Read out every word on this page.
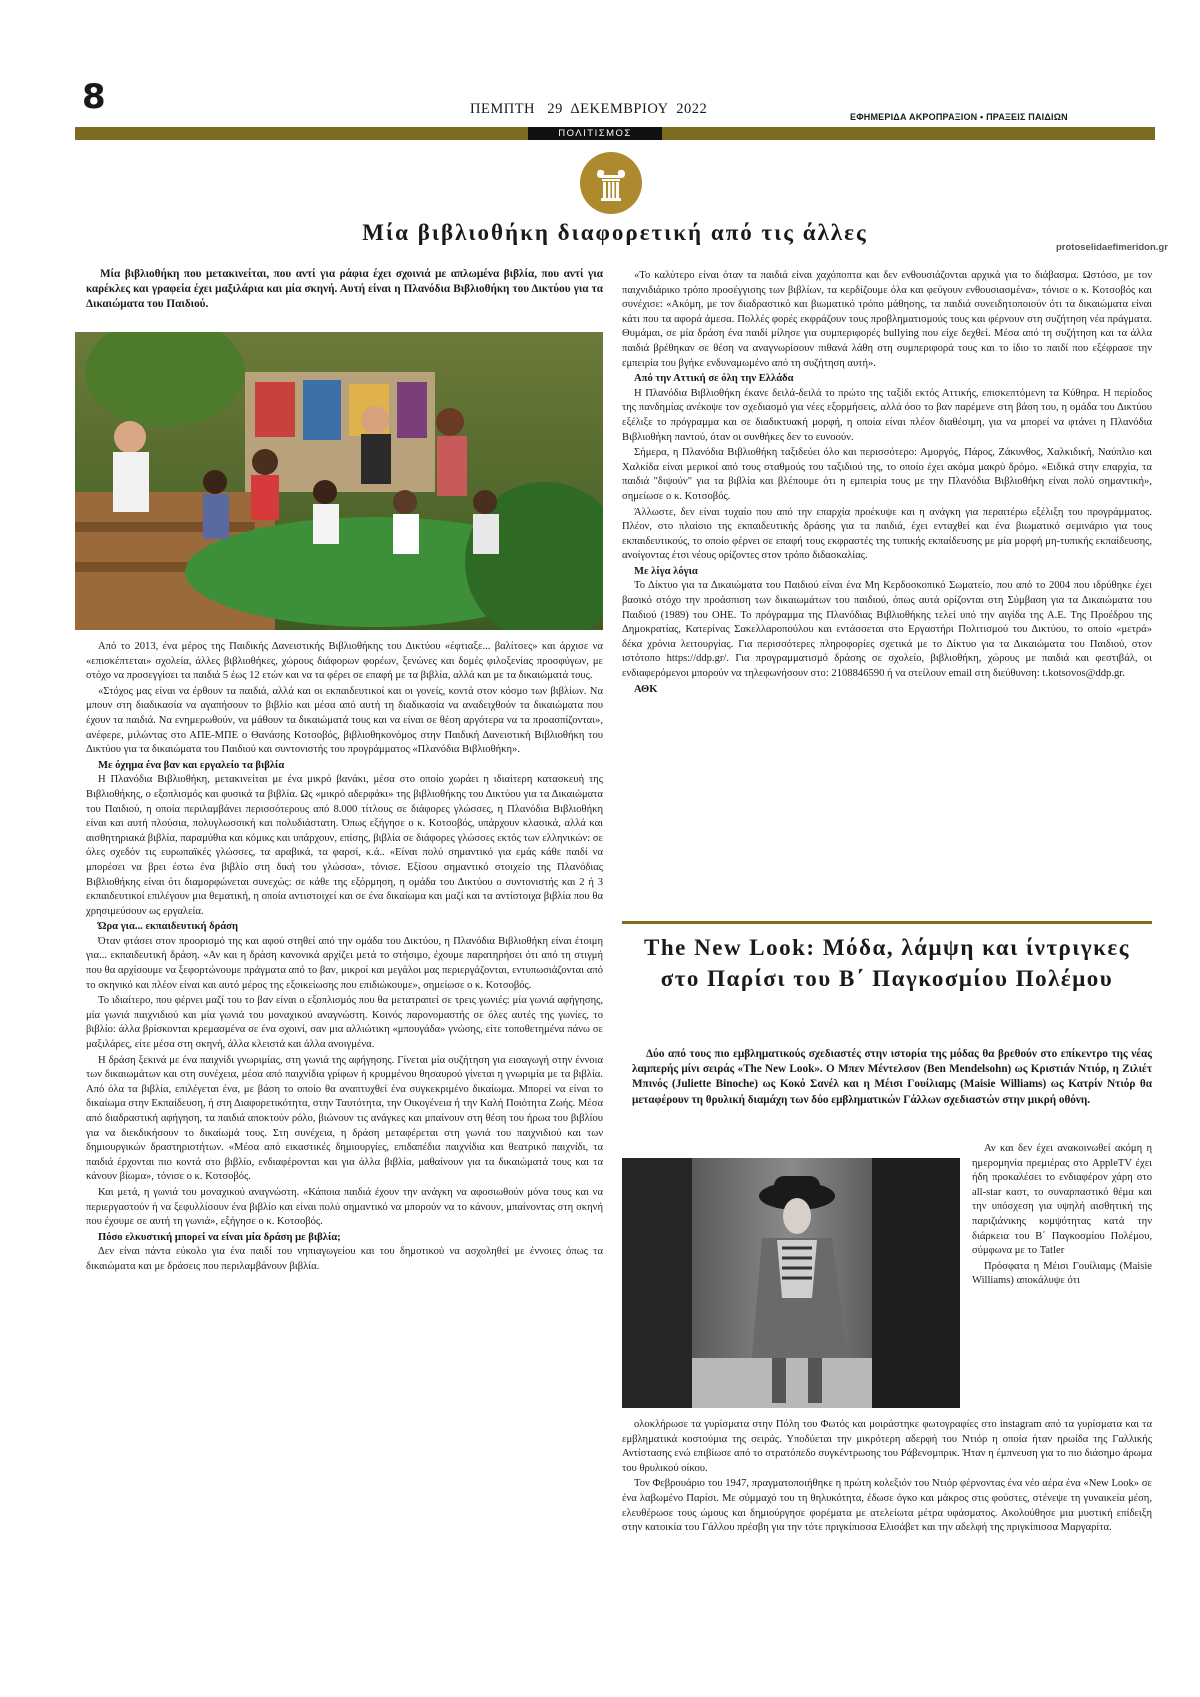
8	ΠΕΜΠΤΗ   29  ΔΕΚΕΜΒΡΙΟΥ  2022	ΕΦΗΜΕΡΙΔΑ ΑΚΡΟΠΡΑΞΙΟΝ • ΠΡΑΞΕΙΣ ΠΑΙΔΙΩΝ
ΠΟΛΙΤΙΣΜΟΣ
Μία βιβλιοθήκη διαφορετική από τις άλλες
protoselidaefimeridon.gr

Μία βιβλιοθήκη που μετακινείται, που αντί για ράφια έχει σχοινιά με απλωμένα βιβλία, που αντί για καρέκλες και γραφεία έχει μαξιλάρια και μία σκηνή. Αυτή είναι η Πλανόδια Βιβλιοθήκη του Δικτύου για τα Δικαιώματα του Παιδιού.

Από το 2013, ένα μέρος της Παιδικής Δανειστικής Βιβλιοθήκης του Δικτύου «έφτιαξε... βαλίτσες» και άρχισε να «επισκέπτεται» σχολεία, άλλες βιβλιοθήκες, χώρους διάφορων φορέων, ξενώνες και δομές φιλοξενίας προσφύγων, με στόχο να προσεγγίσει τα παιδιά 5 έως 12 ετών και να τα φέρει σε επαφή με τα βιβλία, αλλά και με τα δικαιώματά τους.

«Στόχος μας είναι να έρθουν τα παιδιά, αλλά και οι εκπαιδευτικοί και οι γονείς, κοντά στον κόσμο των βιβλίων. Να μπουν στη διαδικασία να αγαπήσουν το βιβλίο και μέσα από αυτή τη διαδικασία να αναδειχθούν τα δικαιώματα που έχουν τα παιδιά. Να ενημερωθούν, να μάθουν τα δικαιώματά τους και να είναι σε θέση αργότερα να τα προασπίζονται», ανέφερε, μιλώντας στο ΑΠΕ-ΜΠΕ ο Θανάσης Κοτσοβός, βιβλιοθηκονόμος στην Παιδική Δανειστική Βιβλιοθήκη του Δικτύου για τα δικαιώματα του Παιδιού και συντονιστής του προγράμματος «Πλανόδια Βιβλιοθήκη».

Με όχημα ένα βαν και εργαλείο τα βιβλία

Η Πλανόδια Βιβλιοθήκη, μετακινείται με ένα μικρό βανάκι, μέσα στο οποίο χωράει η ιδιαίτερη κατασκευή της Βιβλιοθήκης, ο εξοπλισμός και φυσικά τα βιβλία. Ως «μικρό αδερφάκι» της βιβλιοθήκης του Δικτύου για τα Δικαιώματα του Παιδιού, η οποία περιλαμβάνει περισσότερους από 8.000 τίτλους σε διάφορες γλώσσες, η Πλανόδια Βιβλιοθήκη είναι και αυτή πλούσια, πολυγλωσσική και πολυδιάστατη. Όπως εξήγησε ο κ. Κοτσοβός, υπάρχουν κλασικά, αλλά και αισθητηριακά βιβλία, παραμύθια και κόμικς και υπάρχουν, επίσης, βιβλία σε διάφορες γλώσσες εκτός των ελληνικών: σε όλες σχεδόν τις ευρωπαϊκές γλώσσες, τα αραβικά, τα φαρσί, κ.ά.. «Είναι πολύ σημαντικό για εμάς κάθε παιδί να μπορέσει να βρει έστω ένα βιβλίο στη δική του γλώσσα», τόνισε. Εξίσου σημαντικό στοιχείο της Πλανόδιας Βιβλιοθήκης είναι ότι διαμορφώνεται συνεχώς: σε κάθε της εξόρμηση, η ομάδα του Δικτύου ο συντονιστής και 2 ή 3 εκπαιδευτικοί επιλέγουν μια θεματική, η οποία αντιστοιχεί και σε ένα δικαίωμα και μαζί και τα αντίστοιχα βιβλία που θα χρησιμεύσουν ως εργαλεία.

Ώρα για... εκπαιδευτική δράση

Όταν φτάσει στον προορισμό της και αφού στηθεί από την ομάδα του Δικτύου, η Πλανόδια Βιβλιοθήκη είναι έτοιμη για... εκπαιδευτική δράση. «Αν και η δράση κανονικά αρχίζει μετά το στήσιμο, έχουμε παρατηρήσει ότι από τη στιγμή που θα αρχίσουμε να ξεφορτώνουμε πράγματα από το βαν, μικροί και μεγάλοι μας περιεργάζονται, εντυπωσιάζονται από το σκηνικό και πλέον είναι και αυτό μέρος της εξοικείωσης που επιδιώκουμε», σημείωσε ο κ. Κοτσοβός.

Το ιδιαίτερο, που φέρνει μαζί του το βαν είναι ο εξοπλισμός που θα μετατραπεί σε τρεις γωνιές: μία γωνιά αφήγησης, μία γωνιά παιχνιδιού και μία γωνιά του μοναχικού αναγνώστη. Κοινός παρονομαστής σε όλες αυτές της γωνίες, το βιβλίο: άλλα βρίσκονται κρεμασμένα σε ένα σχοινί, σαν μια αλλιώτικη «μπουγάδα» γνώσης, είτε τοποθετημένα πάνω σε μαξιλάρες, είτε μέσα στη σκηνή, άλλα κλειστά και άλλα ανοιγμένα.

Η δράση ξεκινά με ένα παιχνίδι γνωριμίας, στη γωνιά της αφήγησης. Γίνεται μία συζήτηση για εισαγωγή στην έννοια των δικαιωμάτων και στη συνέχεια, μέσα από παιχνίδια γρίφων ή κρυμμένου θησαυρού γίνεται η γνωριμία με τα βιβλία. Από όλα τα βιβλία, επιλέγεται ένα, με βάση το οποίο θα αναπτυχθεί ένα συγκεκριμένο δικαίωμα. Μπορεί να είναι το δικαίωμα στην Εκπαίδευση, ή στη Διαφορετικότητα, στην Ταυτότητα, την Οικογένεια ή την Καλή Ποιότητα Ζωής. Μέσα από διαδραστική αφήγηση, τα παιδιά αποκτούν ρόλο, βιώνουν τις ανάγκες και μπαίνουν στη θέση του ήρωα του βιβλίου για να διεκδικήσουν το δικαίωμά τους. Στη συνέχεια, η δράση μεταφέρεται στη γωνιά του παιχνιδιού και των δημιουργικών δραστηριοτήτων. «Μέσα από εικαστικές δημιουργίες, επιδαπέδια παιχνίδια και θεατρικό παιχνίδι, τα παιδιά έρχονται πιο κοντά στο βιβλίο, ενδιαφέρονται και για άλλα βιβλία, μαθαίνουν για τα δικαιώματά τους και τα κάνουν βίωμα», τόνισε ο κ. Κοτσοβός.

Και μετά, η γωνιά του μοναχικού αναγνώστη. «Κάποια παιδιά έχουν την ανάγκη να αφοσιωθούν μόνα τους και να περιεργαστούν ή να ξεφυλλίσουν ένα βιβλίο και είναι πολύ σημαντικό να μπορούν να το κάνουν, μπαίνοντας στη σκηνή που έχουμε σε αυτή τη γωνιά», εξήγησε ο κ. Κοτσοβός.

Πόσο ελκυστική μπορεί να είναι μία δράση με βιβλία;

Δεν είναι πάντα εύκολο για ένα παιδί του νηπιαγωγείου και του δημοτικού να ασχοληθεί με έννοιες όπως τα δικαιώματα και με δράσεις που περιλαμβάνουν βιβλία.

«Το καλύτερο είναι όταν τα παιδιά είναι χαχόποπτα και δεν ενθουσιάζονται αρχικά για το διάβασμα. Ωστόσο, με τον παιχνιδιάρικο τρόπο προσέγγισης των βιβλίων, τα κερδίζουμε όλα και φεύγουν ενθουσιασμένα», τόνισε ο κ. Κοτσοβός και συνέχισε: «Ακόμη, με τον διαδραστικό και βιωματικό τρόπο μάθησης, τα παιδιά συνειδητοποιούν ότι τα δικαιώματα είναι κάτι που τα αφορά άμεσα. Πολλές φορές εκφράζουν τους προβληματισμούς τους και φέρνουν στη συζήτηση νέα πράγματα. Θυμάμαι, σε μία δράση ένα παιδί μίλησε για συμπεριφορές bullying που είχε δεχθεί. Μέσα από τη συζήτηση και τα άλλα παιδιά βρέθηκαν σε θέση να αναγνωρίσουν πιθανά λάθη στη συμπεριφορά τους και το ίδιο το παιδί που εξέφρασε την εμπειρία του βγήκε ενδυναμωμένο από τη συζήτηση αυτή».

Από την Αττική σε όλη την Ελλάδα

Η Πλανόδια Βιβλιοθήκη έκανε δειλά-δειλά το πρώτο της ταξίδι εκτός Αττικής, επισκεπτόμενη τα Κύθηρα. Η περίοδος της πανδημίας ανέκοψε τον σχεδιασμό για νέες εξορμήσεις, αλλά όσο το βαν παρέμενε στη βάση του, η ομάδα του Δικτύου εξέλιξε το πρόγραμμα και σε διαδικτυακή μορφή, η οποία είναι πλέον διαθέσιμη, για να μπορεί να φτάνει η Πλανόδια Βιβλιοθήκη παντού, όταν οι συνθήκες δεν το ευνοούν.

Σήμερα, η Πλανόδια Βιβλιοθήκη ταξιδεύει όλο και περισσότερο: Αμοργός, Πάρος, Ζάκυνθος, Χαλκιδική, Ναύπλιο και Χαλκίδα είναι μερικοί από τους σταθμούς του ταξιδιού της, το οποίο έχει ακόμα μακρύ δρόμο. «Ειδικά στην επαρχία, τα παιδιά "διψούν" για τα βιβλία και βλέπουμε ότι η εμπειρία τους με την Πλανόδια Βιβλιοθήκη είναι πολύ σημαντική», σημείωσε ο κ. Κοτσοβός.

Άλλωστε, δεν είναι τυχαίο που από την επαρχία προέκυψε και η ανάγκη για περαιτέρω εξέλιξη του προγράμματος. Πλέον, στο πλαίσιο της εκπαιδευτικής δράσης για τα παιδιά, έχει ενταχθεί και ένα βιωματικό σεμινάριο για τους εκπαιδευτικούς, το οποίο φέρνει σε επαφή τους εκφραστές της τυπικής εκπαίδευσης με μία μορφή μη-τυπικής εκπαίδευσης, ανοίγοντας έτσι νέους ορίζοντες στον τρόπο διδασκαλίας.

Με λίγα λόγια

Το Δίκτυο για τα Δικαιώματα του Παιδιού είναι ένα Μη Κερδοσκοπικό Σωματείο, που από το 2004 που ιδρύθηκε έχει βασικό στόχο την προάσπιση των δικαιωμάτων του παιδιού, όπως αυτά ορίζονται στη Σύμβαση για τα Δικαιώματα του Παιδιού (1989) του ΟΗΕ. Το πρόγραμμα της Πλανόδιας Βιβλιοθήκης τελεί υπό την αιγίδα της Α.Ε. Της Προέδρου της Δημοκρατίας, Κατερίνας Σακελλαροπούλου και εντάσσεται στο Εργαστήρι Πολιτισμού του Δικτύου, το οποίο «μετρά» δέκα χρόνια λειτουργίας. Για περισσότερες πληροφορίες σχετικά με το Δίκτυο για τα Δικαιώματα του Παιδιού, στον ιστότοπο https://ddp.gr/. Για προγραμματισμό δράσης σε σχολείο, βιβλιοθήκη, χώρους με παιδιά και φεστιβάλ, οι ενδιαφερόμενοι μπορούν να τηλεφωνήσουν στο: 2108846590 ή να στείλουν email στη διεύθυνση: t.kotsovos@ddp.gr.

ΑΘΚ
The New Look: Μόδα, λάμψη και ίντριγκες στο Παρίσι του Β΄ Παγκοσμίου Πολέμου

Δύο από τους πιο εμβληματικούς σχεδιαστές στην ιστορία της μόδας θα βρεθούν στο επίκεντρο της νέας λαμπερής μίνι σειράς «The New Look». Ο Μπεν Μέντελσον (Ben Mendelsohn) ως Κριστιάν Ντιόρ, η Ζιλιέτ Μπινός (Juliette Binoche) ως Κοκό Σανέλ και η Μέισι Γουίλιαμς (Maisie Williams) ως Κατρίν Ντιόρ θα μεταφέρουν τη θρυλική διαμάχη των δύο εμβληματικών Γάλλων σχεδιαστών στην μικρή οθόνη.

Αν και δεν έχει ανακοινωθεί ακόμη η ημερομηνία πρεμιέρας στο AppleTV έχει ήδη προκαλέσει το ενδιαφέρον χάρη στο all-star καστ, το συναρπαστικό θέμα και την υπόσχεση για υψηλή αισθητική της παριζιάνικης κομψότητας κατά την διάρκεια του Β΄ Παγκοσμίου Πολέμου, σύμφωνα με το Tatler

Πρόσφατα η Μέισι Γουίλιαμς (Maisie Williams) αποκάλυψε ότι

ολοκλήρωσε τα γυρίσματα στην Πόλη του Φωτός και μοιράστηκε φωτογραφίες στο instagram από τα γυρίσματα και τα εμβληματικά κοστούμια της σειράς. Υποδύεται την μικρότερη αδερφή του Ντιόρ η οποία ήταν ηρωίδα της Γαλλικής Αντίστασης ενώ επιβίωσε από το στρατόπεδο συγκέντρωσης του Ράβενσμπρικ. Ήταν η έμπνευση για το πιο διάσημο άρωμα του θρυλικού οίκου.

Τον Φεβρουάριο του 1947, πραγματοποιήθηκε η πρώτη κολεξιόν του Ντιόρ φέρνοντας ένα νέο αέρα ένα «New Look» σε ένα λαβωμένο Παρίσι. Με σύμμαχό του τη θηλυκότητα, έδωσε όγκο και μάκρος στις φούστες, στένεψε τη γυναικεία μέση, ελευθέρωσε τους ώμους και δημιούργησε φορέματα με ατελείωτα μέτρα υφάσματος. Ακολούθησε μια μυστική επίδειξη στην κατοικία του Γάλλου πρέσβη για την τότε πριγκίπισσα Ελισάβετ και την αδελφή της πριγκίπισσα Μαργαρίτα.
